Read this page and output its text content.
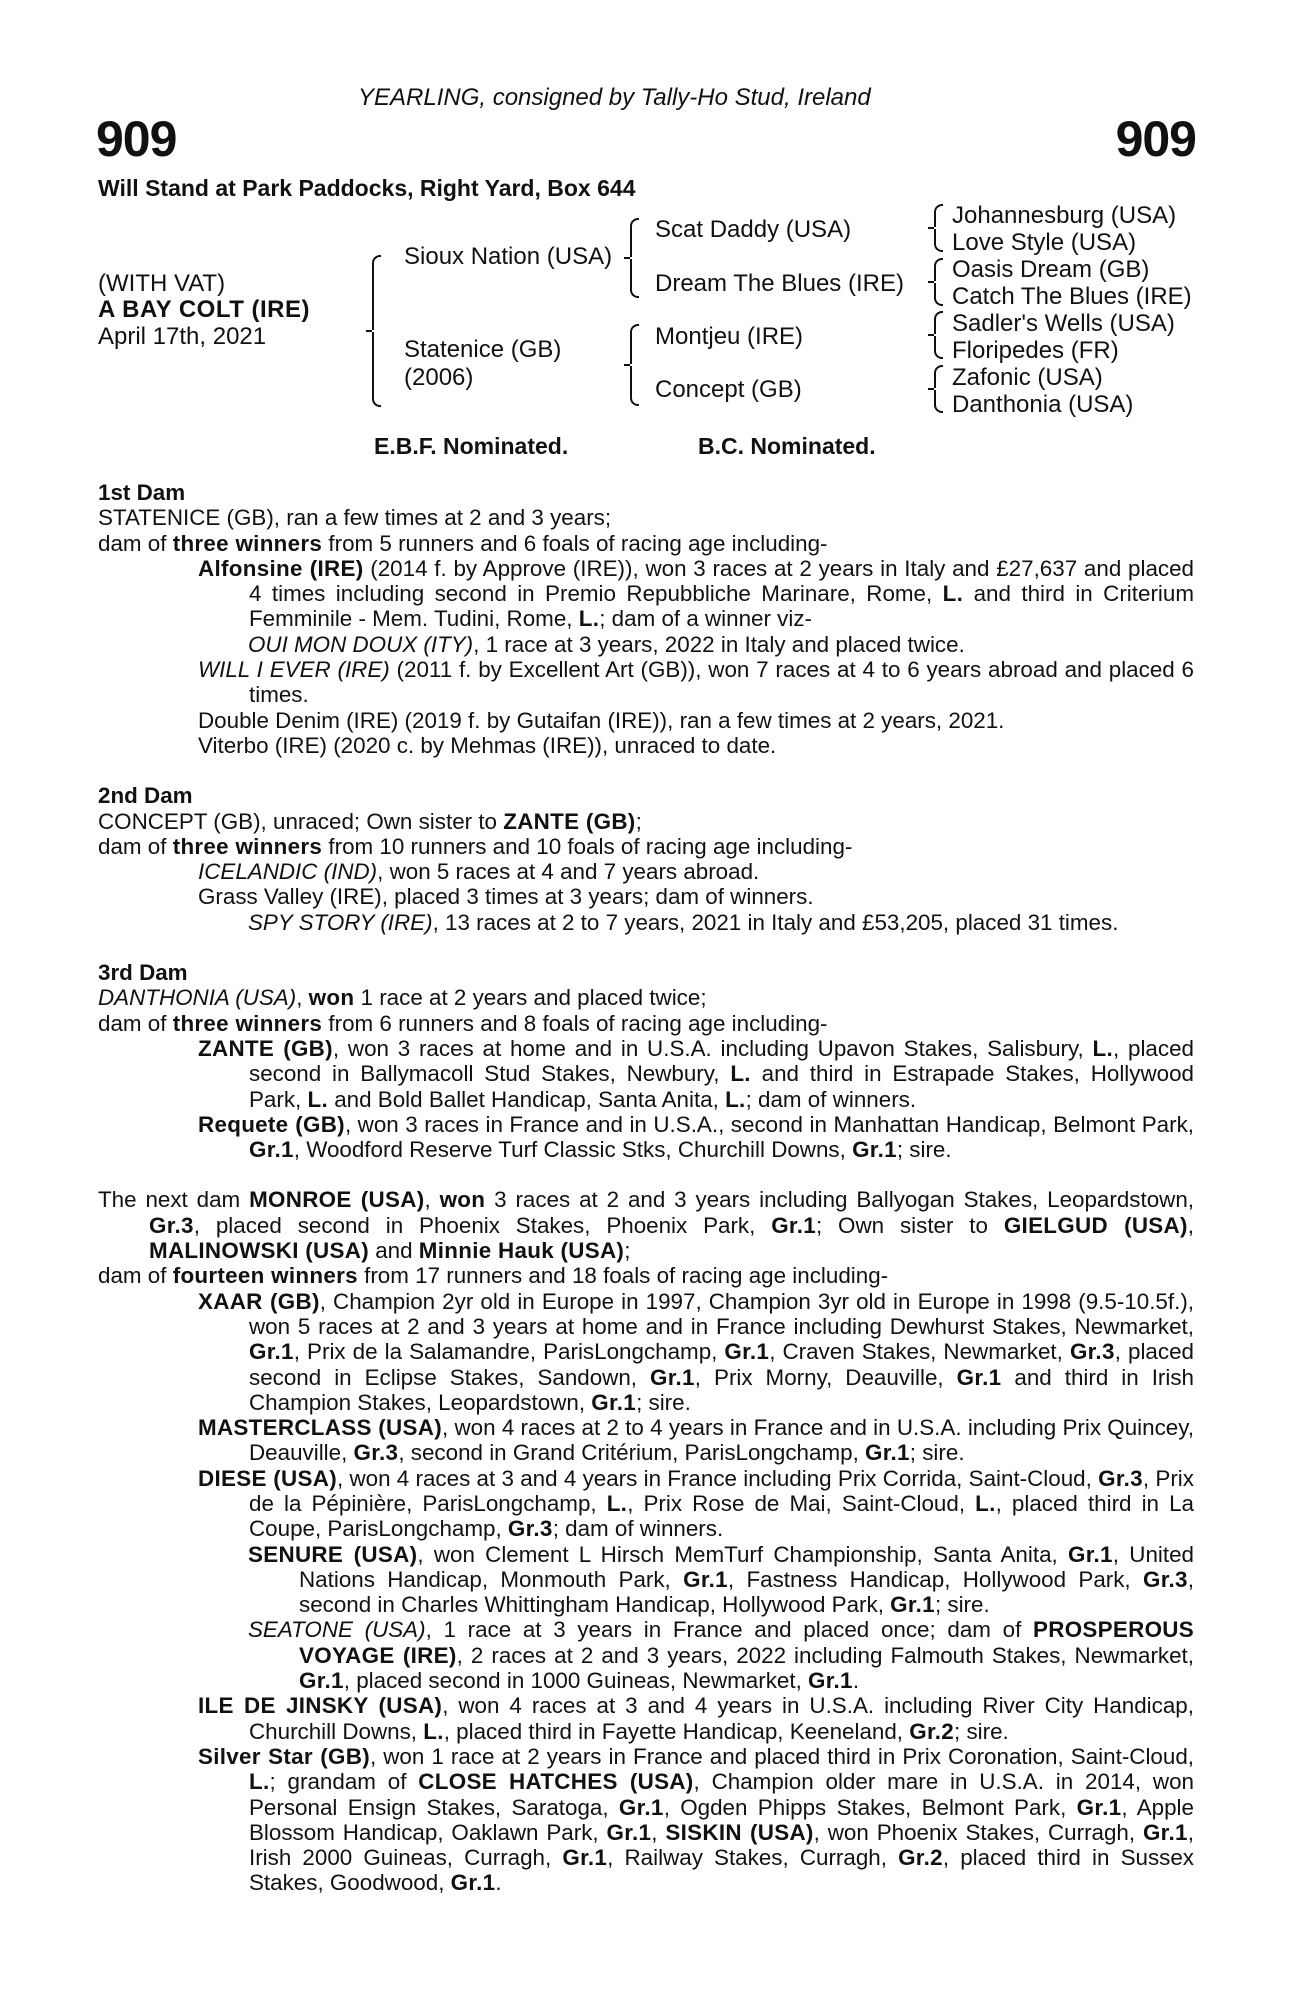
YEARLING, consigned by Tally-Ho Stud, Ireland
909	909
Will Stand at Park Paddocks, Right Yard, Box 644
(WITH VAT)
A BAY COLT (IRE)
April 17th, 2021
Sioux Nation (USA)
Statenice (GB)
(2006)
Scat Daddy (USA)
Dream The Blues (IRE)
Montjeu (IRE)
Concept (GB)
Johannesburg (USA)
Love Style (USA)
Oasis Dream (GB)
Catch The Blues (IRE)
Sadler's Wells (USA)
Floripedes (FR)
Zafonic (USA)
Danthonia (USA)
E.B.F. Nominated.	B.C. Nominated.

1st Dam

STATENICE (GB), ran a few times at 2 and 3 years;

dam of three winners from 5 runners and 6 foals of racing age including-

Alfonsine (IRE) (2014 f. by Approve (IRE)), won 3 races at 2 years in Italy and £27,637 and placed 4 times including second in Premio Repubbliche Marinare, Rome, L. and third in Criterium Femminile - Mem. Tudini, Rome, L.; dam of a winner viz-

OUI MON DOUX (ITY), 1 race at 3 years, 2022 in Italy and placed twice.

WILL I EVER (IRE) (2011 f. by Excellent Art (GB)), won 7 races at 4 to 6 years abroad and placed 6 times.

Double Denim (IRE) (2019 f. by Gutaifan (IRE)), ran a few times at 2 years, 2021.

Viterbo (IRE) (2020 c. by Mehmas (IRE)), unraced to date.

2nd Dam

CONCEPT (GB), unraced; Own sister to ZANTE (GB);

dam of three winners from 10 runners and 10 foals of racing age including-

ICELANDIC (IND), won 5 races at 4 and 7 years abroad.

Grass Valley (IRE), placed 3 times at 3 years; dam of winners.

SPY STORY (IRE), 13 races at 2 to 7 years, 2021 in Italy and £53,205, placed 31 times.

3rd Dam

DANTHONIA (USA), won 1 race at 2 years and placed twice;

dam of three winners from 6 runners and 8 foals of racing age including-

ZANTE (GB), won 3 races at home and in U.S.A. including Upavon Stakes, Salisbury, L., placed second in Ballymacoll Stud Stakes, Newbury, L. and third in Estrapade Stakes, Hollywood Park, L. and Bold Ballet Handicap, Santa Anita, L.; dam of winners.

Requete (GB), won 3 races in France and in U.S.A., second in Manhattan Handicap, Belmont Park, Gr.1, Woodford Reserve Turf Classic Stks, Churchill Downs, Gr.1; sire.

The next dam MONROE (USA), won 3 races at 2 and 3 years including Ballyogan Stakes, Leopardstown, Gr.3, placed second in Phoenix Stakes, Phoenix Park, Gr.1; Own sister to GIELGUD (USA), MALINOWSKI (USA) and Minnie Hauk (USA);

dam of fourteen winners from 17 runners and 18 foals of racing age including-

XAAR (GB), Champion 2yr old in Europe in 1997, Champion 3yr old in Europe in 1998 (9.5-10.5f.), won 5 races at 2 and 3 years at home and in France including Dewhurst Stakes, Newmarket, Gr.1, Prix de la Salamandre, ParisLongchamp, Gr.1, Craven Stakes, Newmarket, Gr.3, placed second in Eclipse Stakes, Sandown, Gr.1, Prix Morny, Deauville, Gr.1 and third in Irish Champion Stakes, Leopardstown, Gr.1; sire.

MASTERCLASS (USA), won 4 races at 2 to 4 years in France and in U.S.A. including Prix Quincey, Deauville, Gr.3, second in Grand Critérium, ParisLongchamp, Gr.1; sire.

DIESE (USA), won 4 races at 3 and 4 years in France including Prix Corrida, Saint-Cloud, Gr.3, Prix de la Pépinière, ParisLongchamp, L., Prix Rose de Mai, Saint-Cloud, L., placed third in La Coupe, ParisLongchamp, Gr.3; dam of winners.

SENURE (USA), won Clement L Hirsch MemTurf Championship, Santa Anita, Gr.1, United Nations Handicap, Monmouth Park, Gr.1, Fastness Handicap, Hollywood Park, Gr.3, second in Charles Whittingham Handicap, Hollywood Park, Gr.1; sire.

SEATONE (USA), 1 race at 3 years in France and placed once; dam of PROSPEROUS VOYAGE (IRE), 2 races at 2 and 3 years, 2022 including Falmouth Stakes, Newmarket, Gr.1, placed second in 1000 Guineas, Newmarket, Gr.1.

ILE DE JINSKY (USA), won 4 races at 3 and 4 years in U.S.A. including River City Handicap, Churchill Downs, L., placed third in Fayette Handicap, Keeneland, Gr.2; sire.

Silver Star (GB), won 1 race at 2 years in France and placed third in Prix Coronation, Saint-Cloud, L.; grandam of CLOSE HATCHES (USA), Champion older mare in U.S.A. in 2014, won Personal Ensign Stakes, Saratoga, Gr.1, Ogden Phipps Stakes, Belmont Park, Gr.1, Apple Blossom Handicap, Oaklawn Park, Gr.1, SISKIN (USA), won Phoenix Stakes, Curragh, Gr.1, Irish 2000 Guineas, Curragh, Gr.1, Railway Stakes, Curragh, Gr.2, placed third in Sussex Stakes, Goodwood, Gr.1.
